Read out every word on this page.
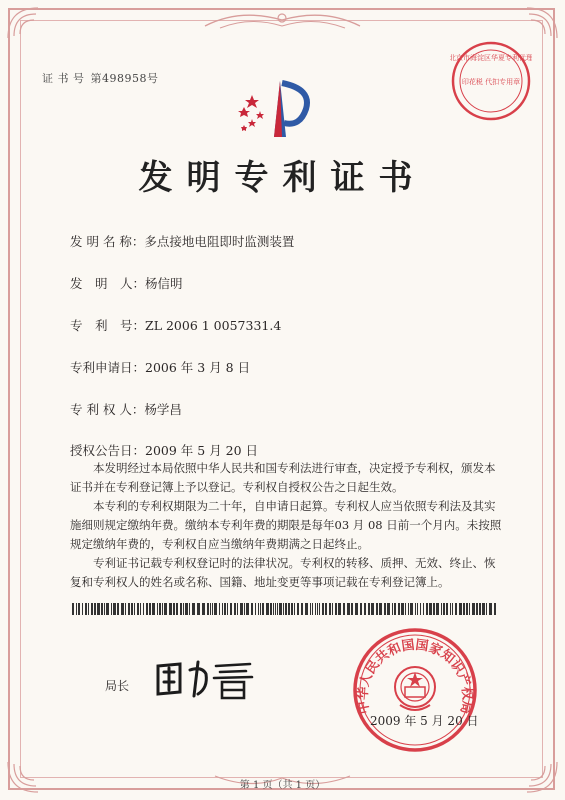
证 书 号 第498958号
北京市海淀区华夏专利代理
印花税 代扣专用章
发明专利证书
发 明 名 称：多点接地电阻即时监测装置
发　明　人：杨信明
专　利　号：ZL 2006 1 0057331.4
专利申请日：2006 年 3 月 8 日
专 利 权 人：杨学昌
授权公告日：2009 年 5 月 20 日

本发明经过本局依照中华人民共和国专利法进行审查，决定授予专利权，颁发本证书并在专利登记簿上予以登记。专利权自授权公告之日起生效。

本专利的专利权期限为二十年，自申请日起算。专利权人应当依照专利法及其实施细则规定缴纳年费。缴纳本专利年费的期限是每年03 月 08 日前一个月内。未按照规定缴纳年费的，专利权自应当缴纳年费期满之日起终止。

专利证书记载专利权登记时的法律状况。专利权的转移、质押、无效、终止、恢复和专利权人的姓名或名称、国籍、地址变更等事项记载在专利登记簿上。

局长
中华人民共和国国家知识产权局
2009 年 5 月 20 日
第 1 页（共 1 页）
